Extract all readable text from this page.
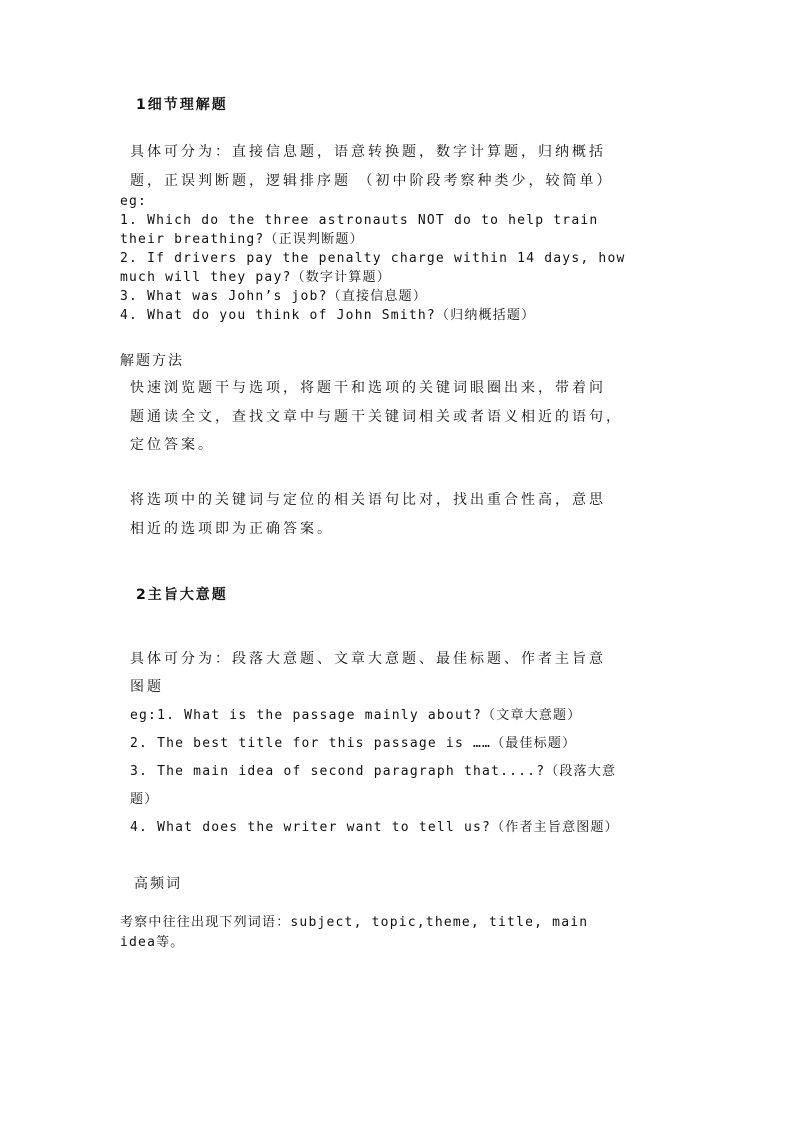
1细节理解题
具体可分为：直接信息题，语意转换题，数字计算题，归纳概括
题，正误判断题，逻辑排序题 （初中阶段考察种类少，较简单）
eg:
1. Which do the three astronauts NOT do to help train
their breathing?（正误判断题）
2. If drivers pay the penalty charge within 14 days, how
much will they pay?（数字计算题）
3. What was John’s job?（直接信息题）
4. What do you think of John Smith?（归纳概括题）
解题方法
快速浏览题干与选项，将题干和选项的关键词眼圈出来，带着问
题通读全文，查找文章中与题干关键词相关或者语义相近的语句，
定位答案。
将选项中的关键词与定位的相关语句比对，找出重合性高，意思
相近的选项即为正确答案。
2主旨大意题
具体可分为：段落大意题、文章大意题、最佳标题、作者主旨意
图题
eg:1. What is the passage mainly about?（文章大意题）
2. The best title for this passage is ……（最佳标题）
3. The main idea of second paragraph that....?（段落大意
题）
4. What does the writer want to tell us?（作者主旨意图题）
高频词
考察中往往出现下列词语：subject, topic,theme, title, main
idea等。
